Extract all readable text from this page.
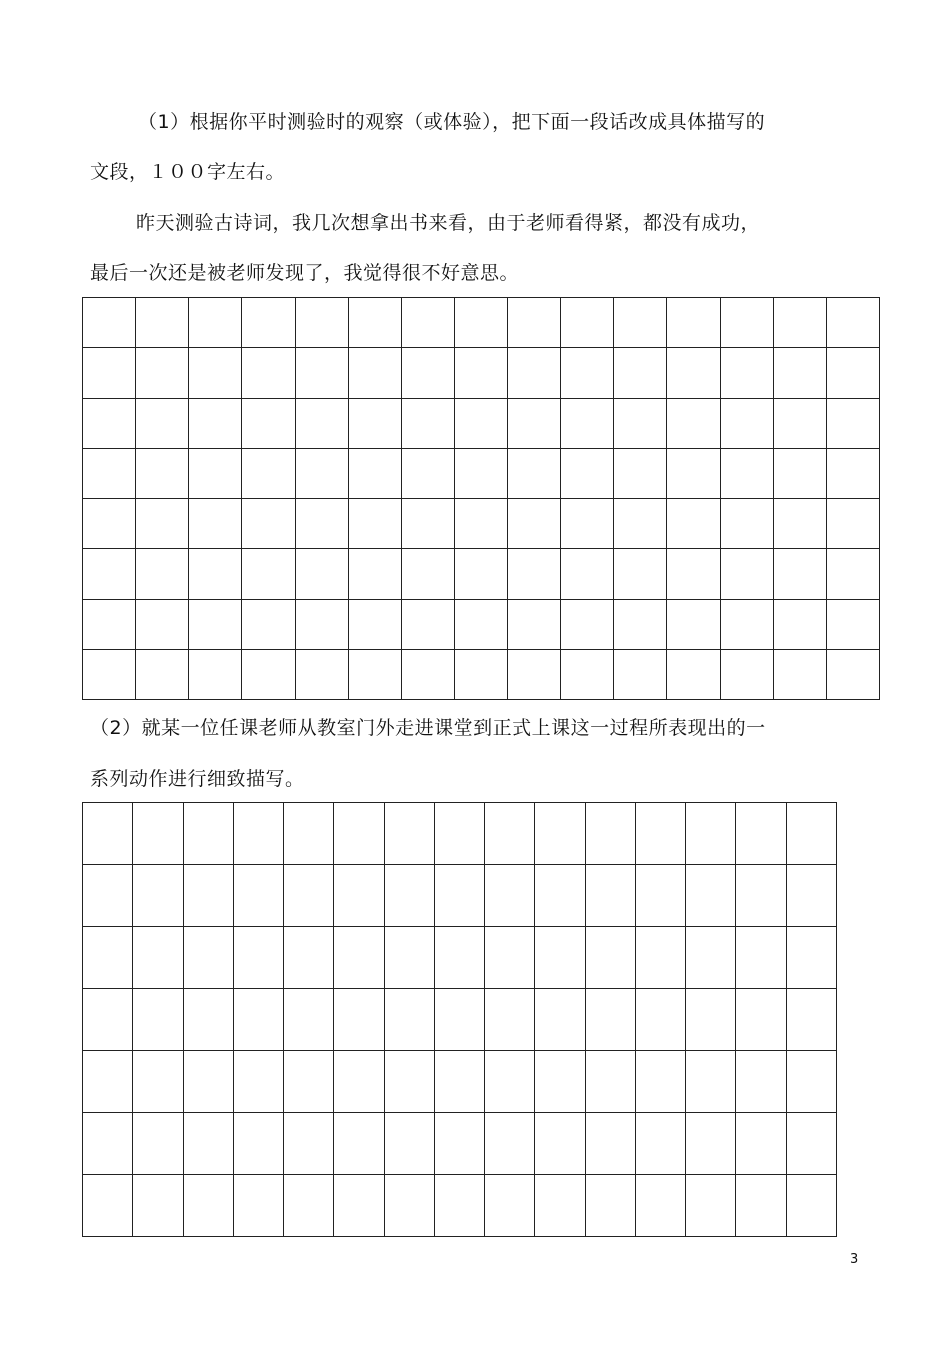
（1）根据你平时测验时的观察（或体验），把下面一段话改成具体描写的
文段，１００字左右。
昨天测验古诗词，我几次想拿出书来看，由于老师看得紧，都没有成功，
最后一次还是被老师发现了，我觉得很不好意思。

（2）就某一位任课老师从教室门外走进课堂到正式上课这一过程所表现出的一
系列动作进行细致描写。

3
